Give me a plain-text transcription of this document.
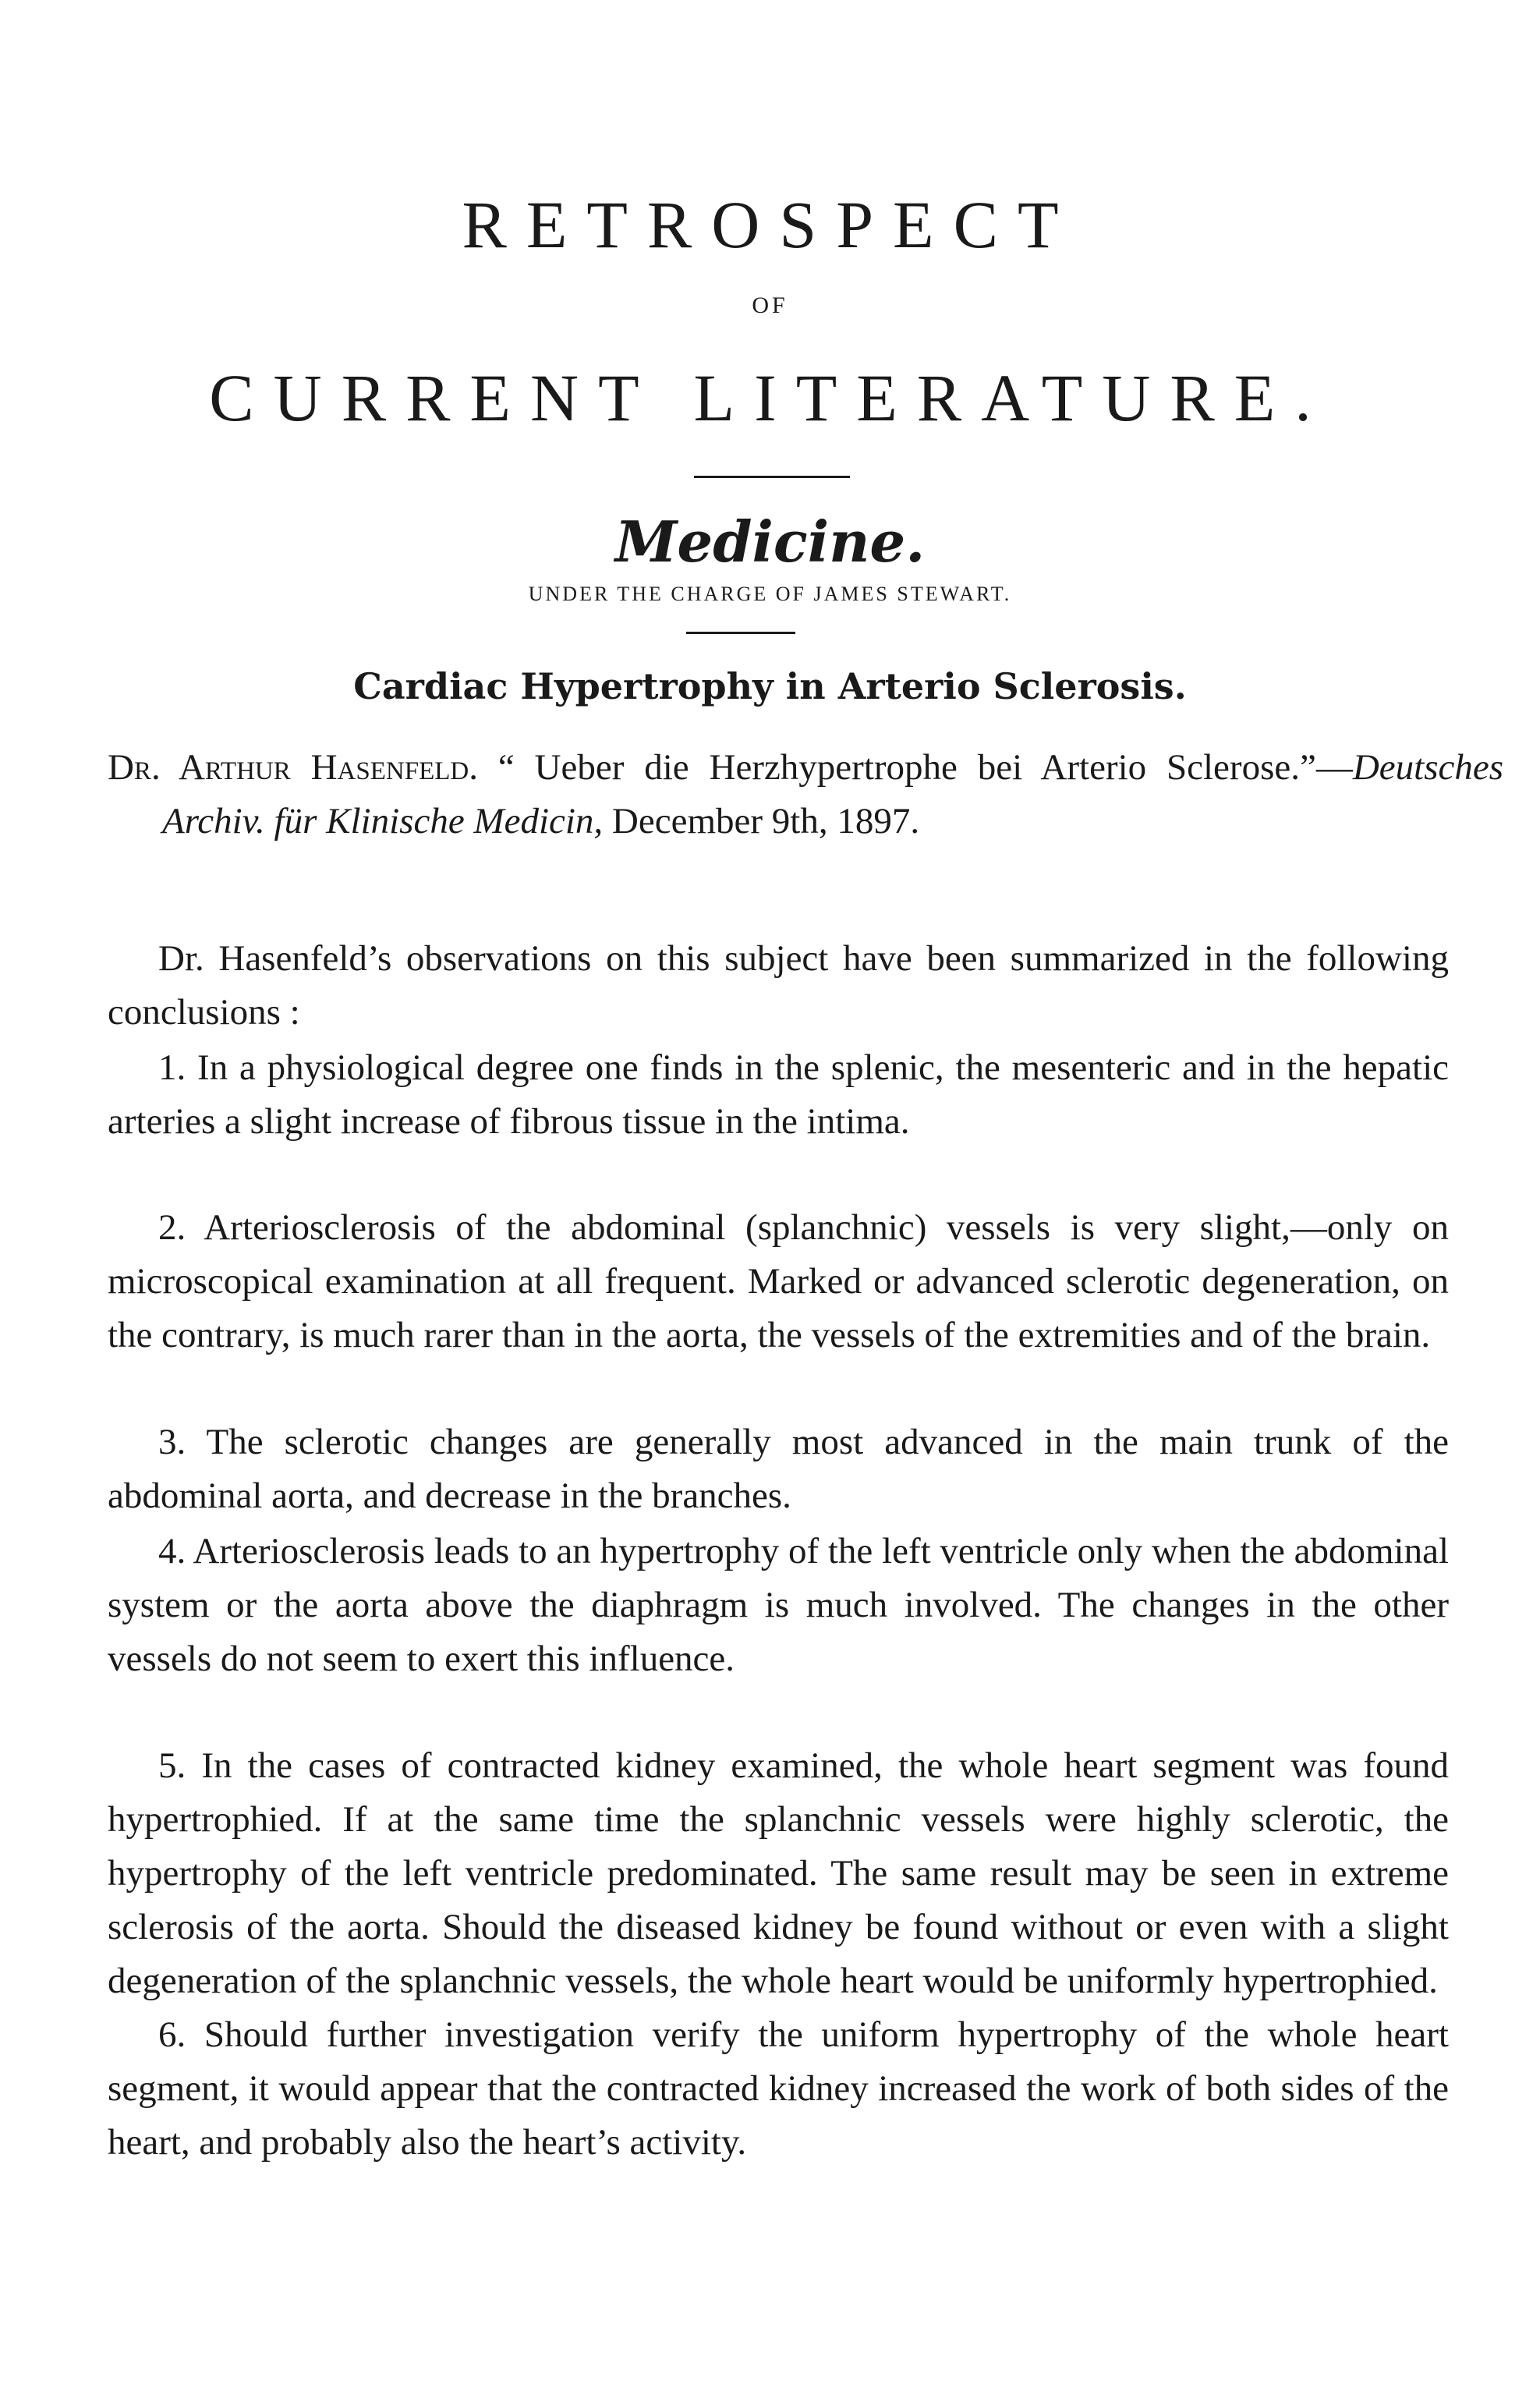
RETROSPECT
OF
CURRENT LITERATURE.
Medicine.
UNDER THE CHARGE OF JAMES STEWART.
Cardiac Hypertrophy in Arterio Sclerosis.

Dr. Arthur Hasenfeld. “ Ueber die Herzhypertrophe bei Arterio Sclerose.”—Deutsches Archiv. für Klinische Medicin, December 9th, 1897.

Dr. Hasenfeld’s observations on this subject have been summarized in the following conclusions :

1. In a physiological degree one finds in the splenic, the mesenteric and in the hepatic arteries a slight increase of fibrous tissue in the intima.

2. Arteriosclerosis of the abdominal (splanchnic) vessels is very slight,—only on microscopical examination at all frequent. Marked or advanced sclerotic degeneration, on the contrary, is much rarer than in the aorta, the vessels of the extremities and of the brain.

3. The sclerotic changes are generally most advanced in the main trunk of the abdominal aorta, and decrease in the branches.

4. Arteriosclerosis leads to an hypertrophy of the left ventricle only when the abdominal system or the aorta above the diaphragm is much involved. The changes in the other vessels do not seem to exert this influence.

5. In the cases of contracted kidney examined, the whole heart segment was found hypertrophied. If at the same time the splanchnic vessels were highly sclerotic, the hypertrophy of the left ventricle predominated. The same result may be seen in extreme sclerosis of the aorta. Should the diseased kidney be found without or even with a slight degeneration of the splanchnic vessels, the whole heart would be uniformly hypertrophied.

6. Should further investigation verify the uniform hypertrophy of the whole heart segment, it would appear that the contracted kidney increased the work of both sides of the heart, and probably also the heart’s activity.
